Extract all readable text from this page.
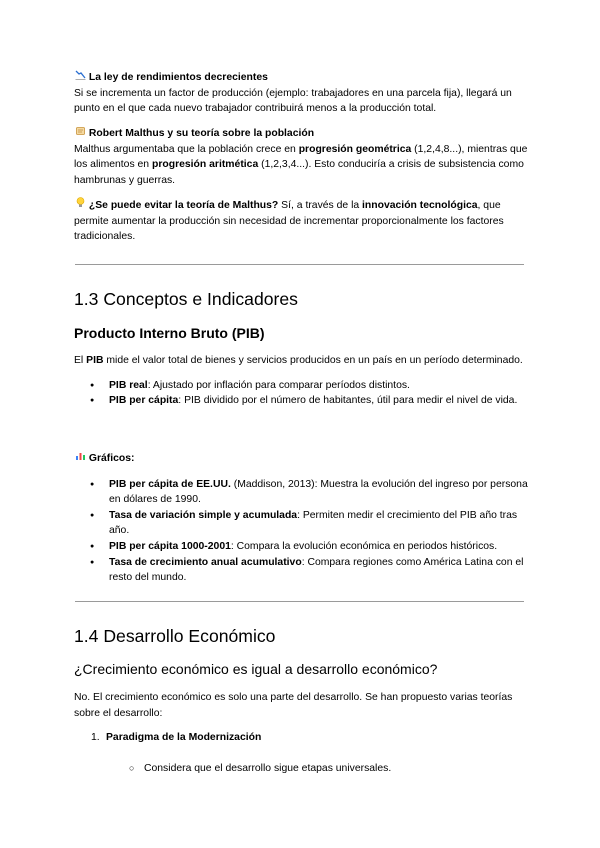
La ley de rendimientos decrecientes

Si se incrementa un factor de producción (ejemplo: trabajadores en una parcela fija), llegará un punto en el que cada nuevo trabajador contribuirá menos a la producción total.

Robert Malthus y su teoría sobre la población

Malthus argumentaba que la población crece en progresión geométrica (1,2,4,8...), mientras que los alimentos en progresión aritmética (1,2,3,4...). Esto conduciría a crisis de subsistencia como hambrunas y guerras.

¿Se puede evitar la teoría de Malthus? Sí, a través de la innovación tecnológica, que permite aumentar la producción sin necesidad de incrementar proporcionalmente los factores tradicionales.

1.3 Conceptos e Indicadores
Producto Interno Bruto (PIB)

El PIB mide el valor total de bienes y servicios producidos en un país en un período determinado.

● PIB real: Ajustado por inflación para comparar períodos distintos.
● PIB per cápita: PIB dividido por el número de habitantes, útil para medir el nivel de vida.

Gráficos:

● PIB per cápita de EE.UU. (Maddison, 2013): Muestra la evolución del ingreso por persona en dólares de 1990.
● Tasa de variación simple y acumulada: Permiten medir el crecimiento del PIB año tras año.
● PIB per cápita 1000-2001: Compara la evolución económica en periodos históricos.
● Tasa de crecimiento anual acumulativo: Compara regiones como América Latina con el resto del mundo.
1.4 Desarrollo Económico
¿Crecimiento económico es igual a desarrollo económico?

No. El crecimiento económico es solo una parte del desarrollo. Se han propuesto varias teorías sobre el desarrollo:

1. Paradigma de la Modernización
○ Considera que el desarrollo sigue etapas universales.
